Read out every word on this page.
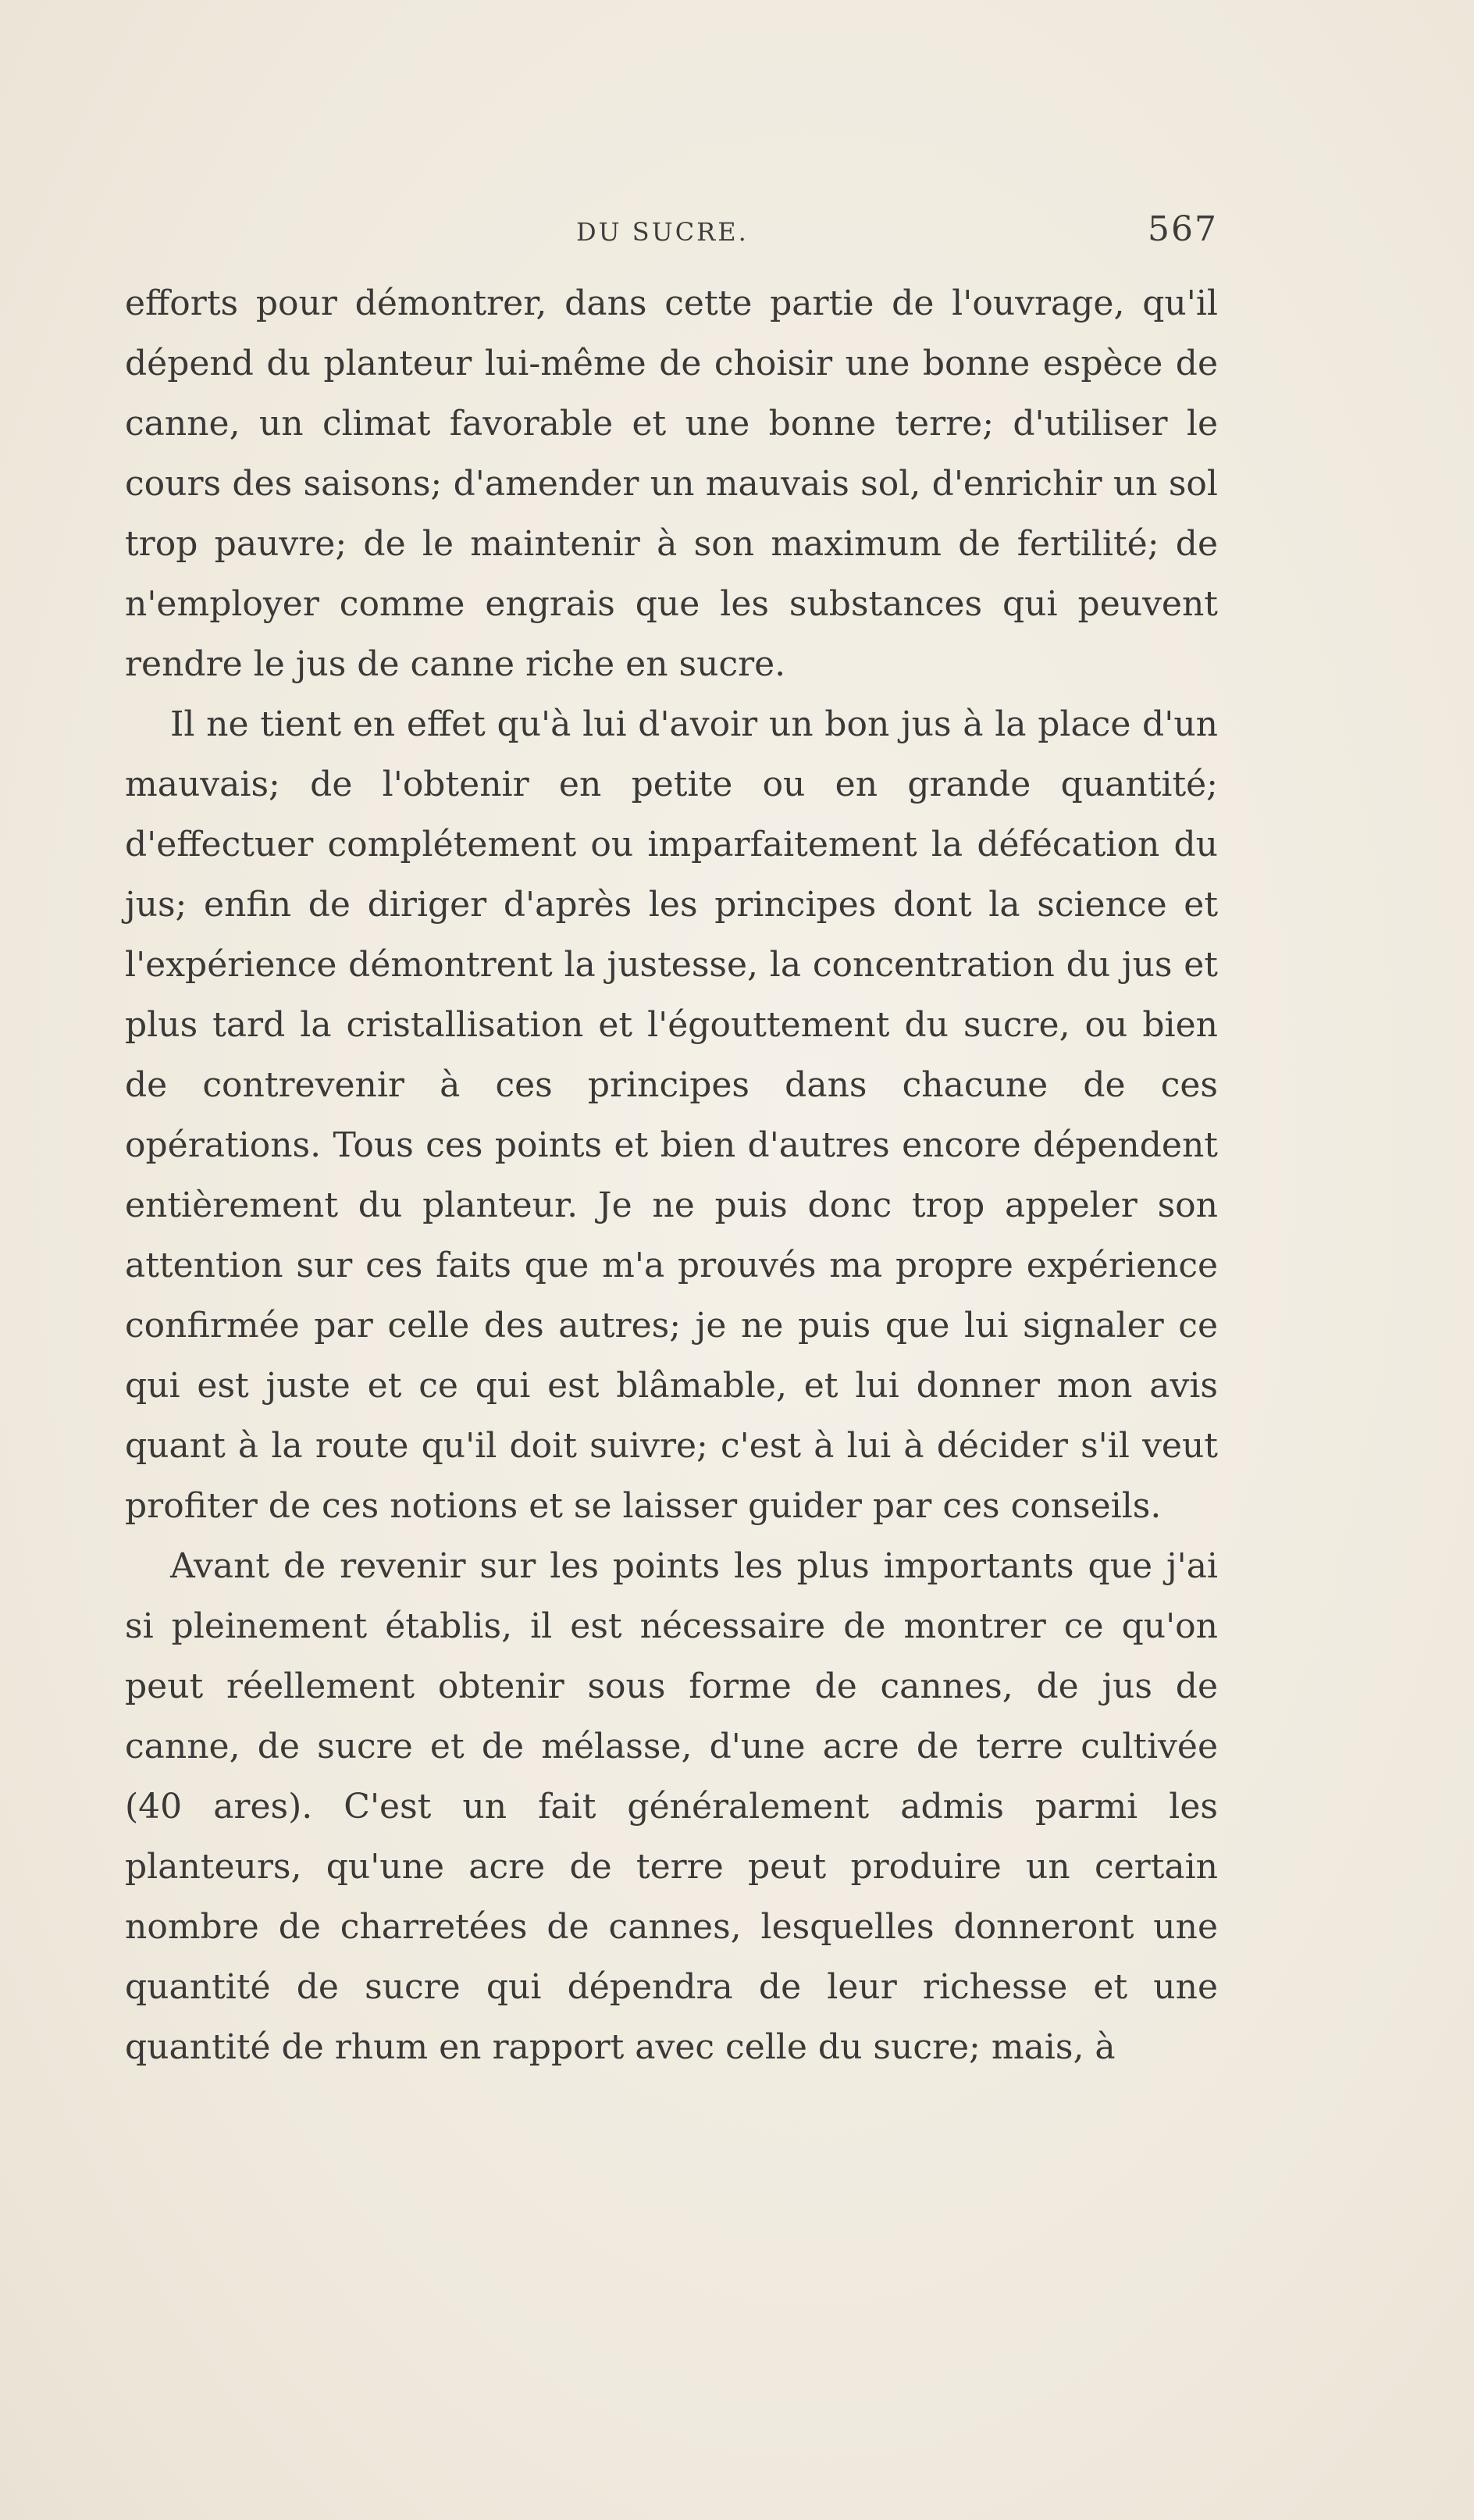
DU SUCRE.	567

efforts pour démontrer, dans cette partie de l'ouvrage, qu'il dépend du planteur lui-même de choisir une bonne espèce de canne, un climat favorable et une bonne terre; d'utiliser le cours des saisons; d'amender un mauvais sol, d'enrichir un sol trop pauvre; de le maintenir à son maximum de fertilité; de n'employer comme engrais que les substances qui peuvent rendre le jus de canne riche en sucre.

Il ne tient en effet qu'à lui d'avoir un bon jus à la place d'un mauvais; de l'obtenir en petite ou en grande quantité; d'effectuer complétement ou imparfaitement la défécation du jus; enfin de diriger d'après les principes dont la science et l'expérience démontrent la justesse, la concentration du jus et plus tard la cristallisation et l'égouttement du sucre, ou bien de contrevenir à ces principes dans chacune de ces opérations. Tous ces points et bien d'autres encore dépendent entièrement du planteur. Je ne puis donc trop appeler son attention sur ces faits que m'a prouvés ma propre expérience confirmée par celle des autres; je ne puis que lui signaler ce qui est juste et ce qui est blâmable, et lui donner mon avis quant à la route qu'il doit suivre; c'est à lui à décider s'il veut profiter de ces notions et se laisser guider par ces conseils.

Avant de revenir sur les points les plus importants que j'ai si pleinement établis, il est nécessaire de montrer ce qu'on peut réellement obtenir sous forme de cannes, de jus de canne, de sucre et de mélasse, d'une acre de terre cultivée (40 ares). C'est un fait généralement admis parmi les planteurs, qu'une acre de terre peut produire un certain nombre de charretées de cannes, lesquelles donneront une quantité de sucre qui dépendra de leur richesse et une quantité de rhum en rapport avec celle du sucre; mais, à
